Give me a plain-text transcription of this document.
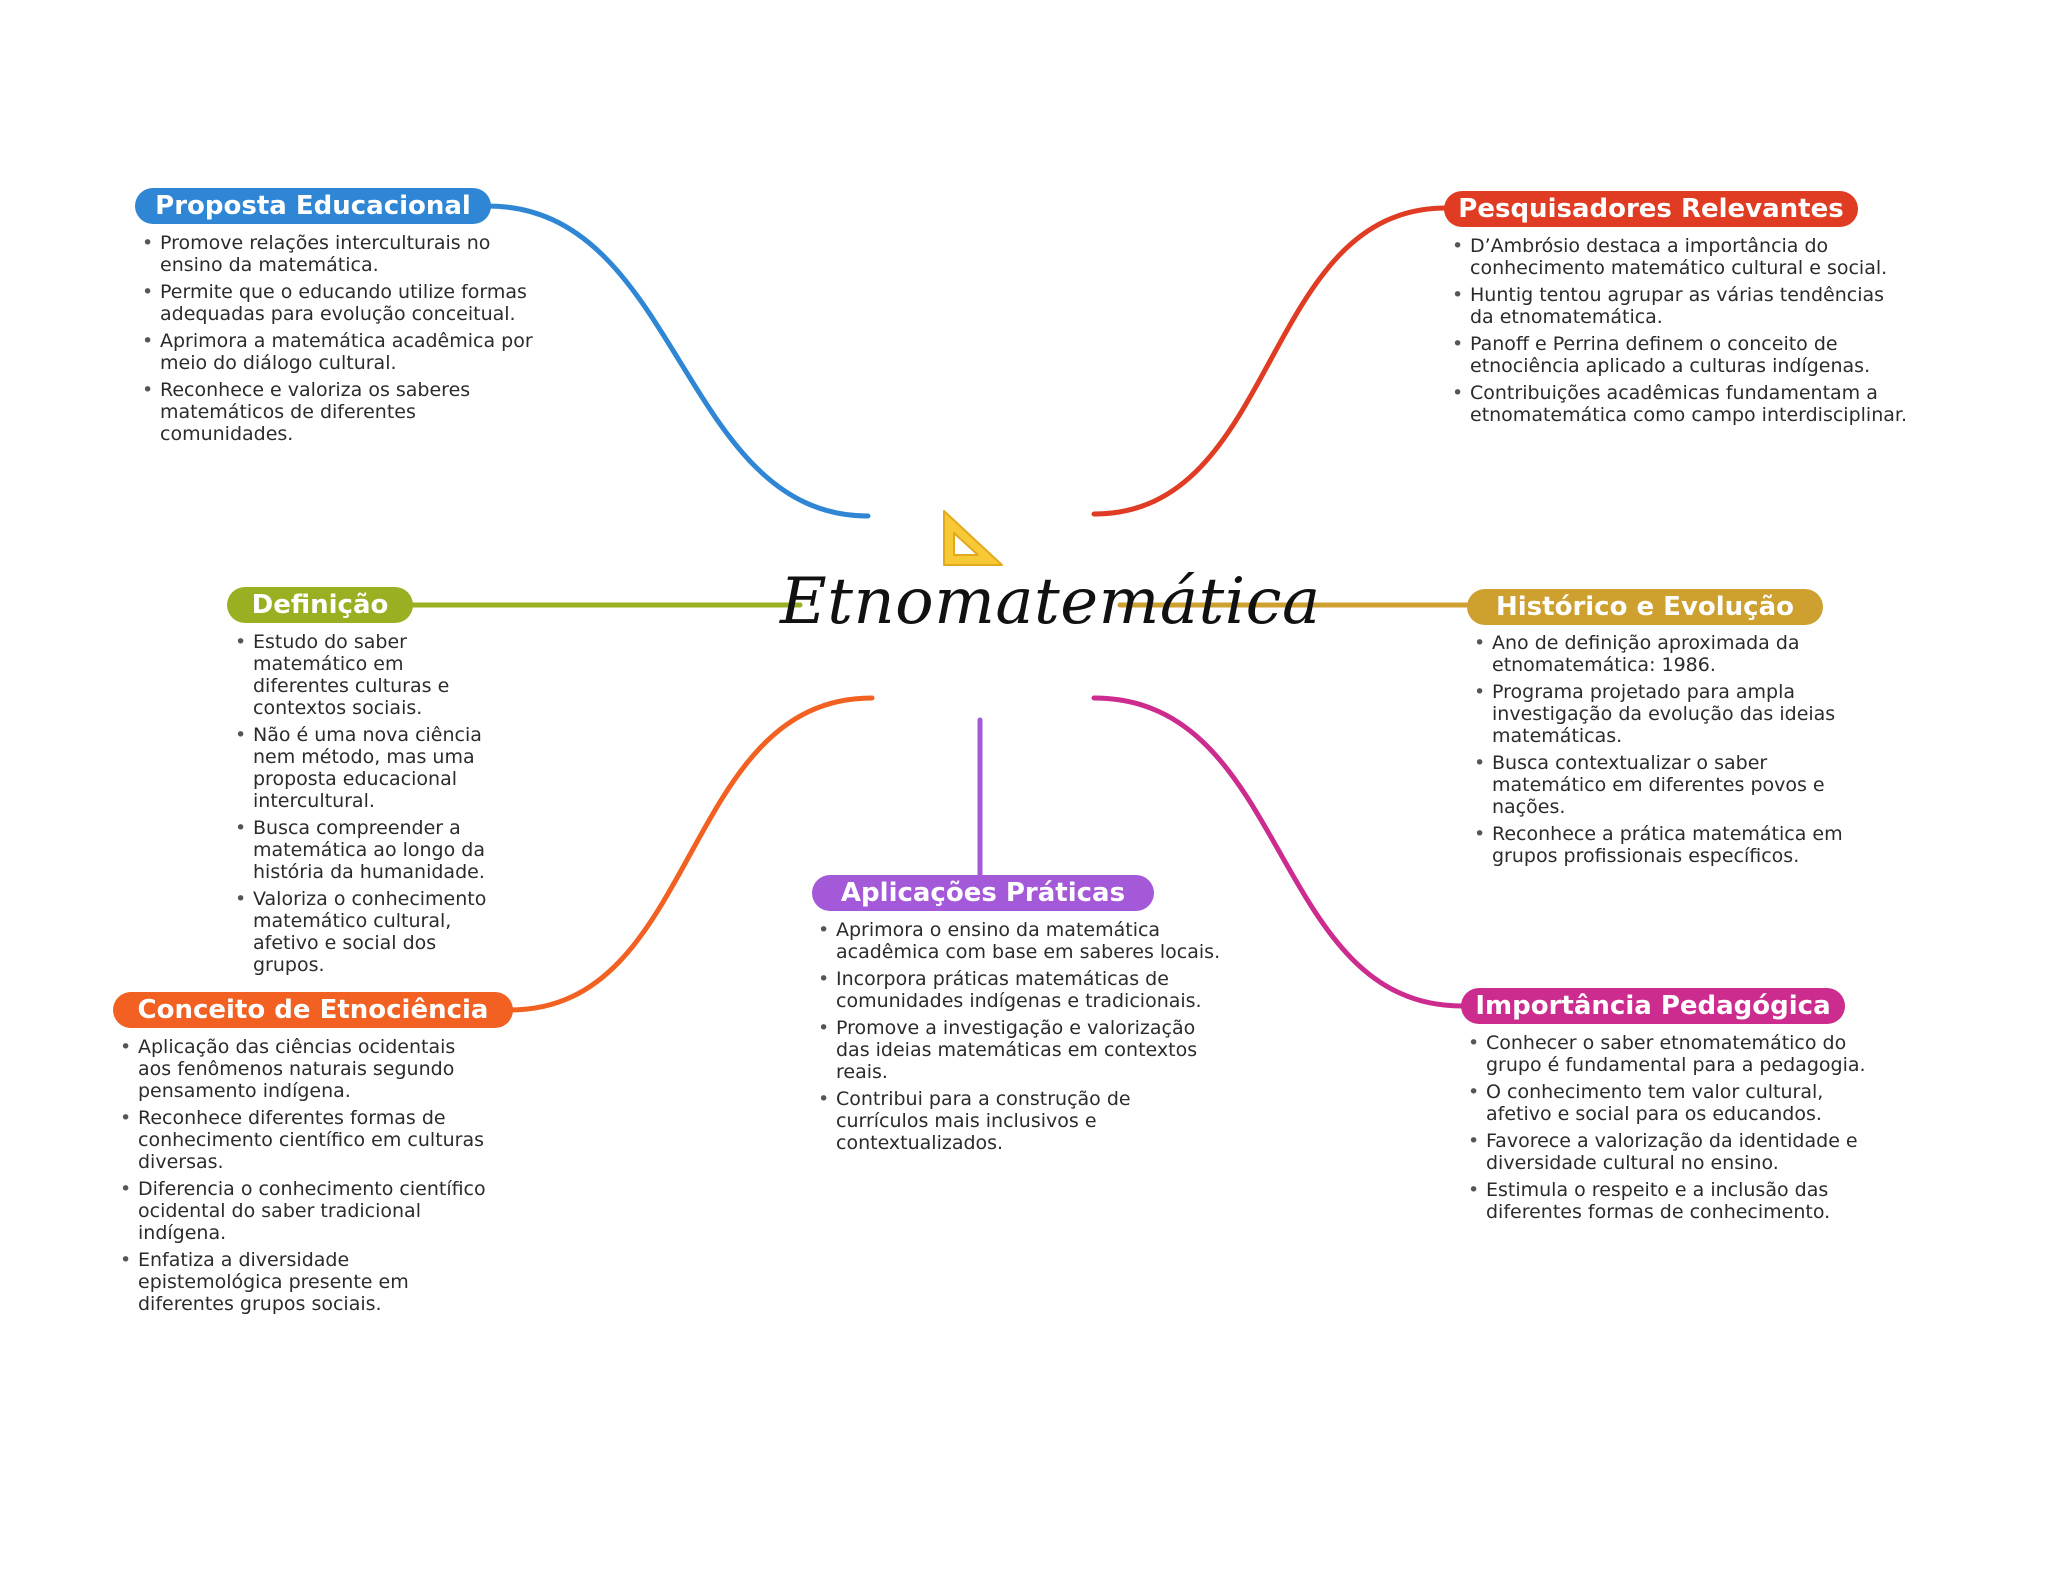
Etnomatemática
Proposta Educacional
• Promove relações interculturais no ensino da matemática.
• Permite que o educando utilize formas adequadas para evolução conceitual.
• Aprimora a matemática acadêmica por meio do diálogo cultural.
• Reconhece e valoriza os saberes matemáticos de diferentes comunidades.
Definição
• Estudo do saber matemático em diferentes culturas e contextos sociais.
• Não é uma nova ciência nem método, mas uma proposta educacional intercultural.
• Busca compreender a matemática ao longo da história da humanidade.
• Valoriza o conhecimento matemático cultural, afetivo e social dos grupos.
Conceito de Etnociência
• Aplicação das ciências ocidentais aos fenômenos naturais segundo pensamento indígena.
• Reconhece diferentes formas de conhecimento científico em culturas diversas.
• Diferencia o conhecimento científico ocidental do saber tradicional indígena.
• Enfatiza a diversidade epistemológica presente em diferentes grupos sociais.
Aplicações Práticas
• Aprimora o ensino da matemática acadêmica com base em saberes locais.
• Incorpora práticas matemáticas de comunidades indígenas e tradicionais.
• Promove a investigação e valorização das ideias matemáticas em contextos reais.
• Contribui para a construção de currículos mais inclusivos e contextualizados.
Pesquisadores Relevantes
• D’Ambrósio destaca a importância do conhecimento matemático cultural e social.
• Huntig tentou agrupar as várias tendências da etnomatemática.
• Panoff e Perrina definem o conceito de etnociência aplicado a culturas indígenas.
• Contribuições acadêmicas fundamentam a etnomatemática como campo interdisciplinar.
Histórico e Evolução
• Ano de definição aproximada da etnomatemática: 1986.
• Programa projetado para ampla investigação da evolução das ideias matemáticas.
• Busca contextualizar o saber matemático em diferentes povos e nações.
• Reconhece a prática matemática em grupos profissionais específicos.
Importância Pedagógica
• Conhecer o saber etnomatemático do grupo é fundamental para a pedagogia.
• O conhecimento tem valor cultural, afetivo e social para os educandos.
• Favorece a valorização da identidade e diversidade cultural no ensino.
• Estimula o respeito e a inclusão das diferentes formas de conhecimento.
